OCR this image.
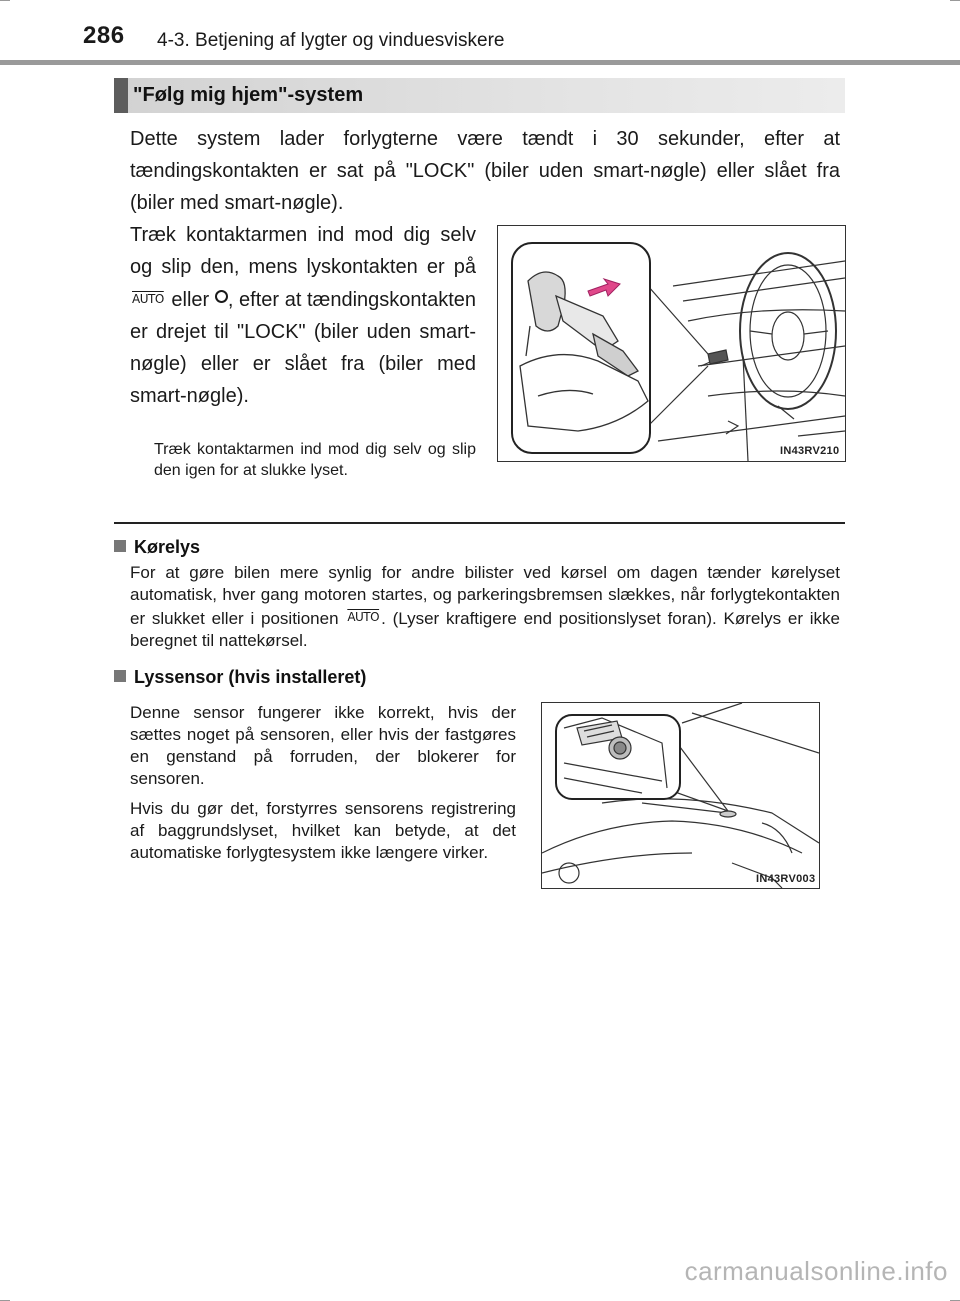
286 4-3. Betjening af lygter og vinduesviskere
"Følg mig hjem"-system
Dette system lader forlygterne være tændt i 30 sekunder, efter at tændingskontakten er sat på "LOCK" (biler uden smart-nøgle) eller slået fra (biler med smart-nøgle).
Træk kontaktarmen ind mod dig selv og slip den, mens lyskontakten er på AUTO eller , efter at tændingskontakten er drejet til "LOCK" (biler uden smart-nøgle) eller er slået fra (biler med smart-nøgle).
Træk kontaktarmen ind mod dig selv og slip den igen for at slukke lyset.
IN43RV210
Kørelys
For at gøre bilen mere synlig for andre bilister ved kørsel om dagen tænder kørelyset automatisk, hver gang motoren startes, og parkeringsbremsen slækkes, når forlygtekontakten er slukket eller i positionen AUTO . (Lyser kraftigere end positionslyset foran). Kørelys er ikke beregnet til nattekørsel.
Lyssensor (hvis installeret)
Denne sensor fungerer ikke korrekt, hvis der sættes noget på sensoren, eller hvis der fastgøres en genstand på forruden, der blokerer for sensoren.
Hvis du gør det, forstyrres sensorens registrering af baggrundslyset, hvilket kan betyde, at det automatiske forlygtesystem ikke længere virker.
IN43RV003
carmanualsonline.info
